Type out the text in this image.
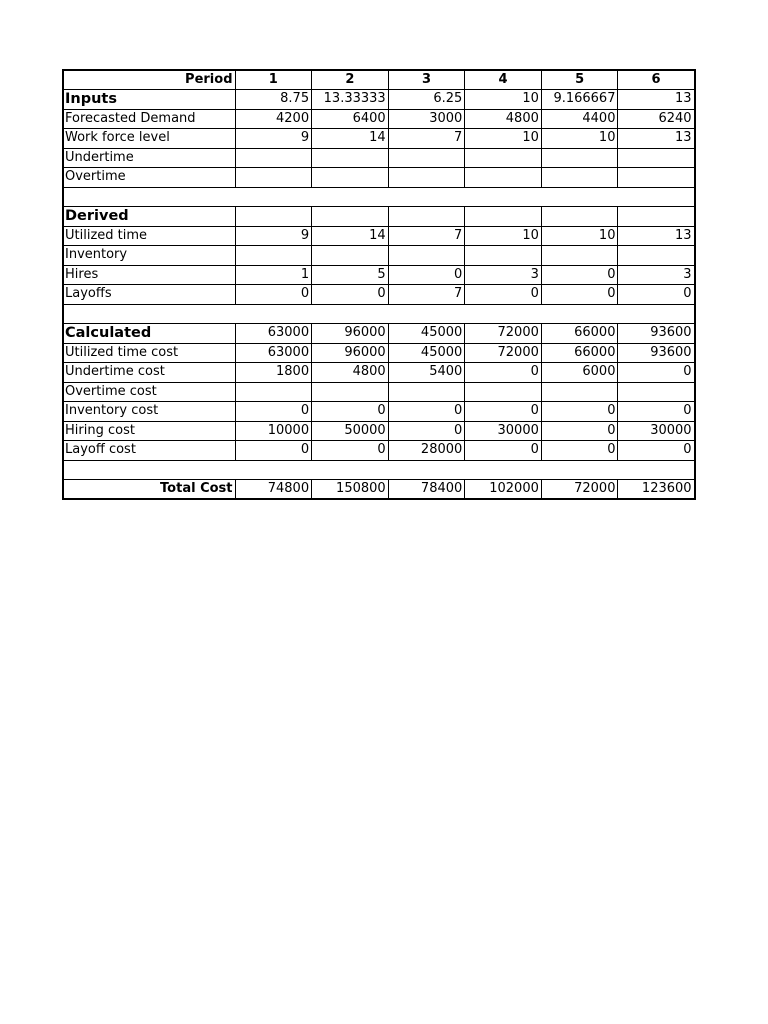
Period	1	2	3	4	5	6
Inputs	8.75	13.33333	6.25	10	9.166667	13
Forecasted Demand	4200	6400	3000	4800	4400	6240
Work force level	9	14	7	10	10	13
Undertime						
Overtime						

Derived						
Utilized time	9	14	7	10	10	13
Inventory						
Hires	1	5	0	3	0	3
Layoffs	0	0	7	0	0	0

Calculated	63000	96000	45000	72000	66000	93600
Utilized time cost	63000	96000	45000	72000	66000	93600
Undertime cost	1800	4800	5400	0	6000	0
Overtime cost						
Inventory cost	0	0	0	0	0	0
Hiring cost	10000	50000	0	30000	0	30000
Layoff cost	0	0	28000	0	0	0

Total Cost	74800	150800	78400	102000	72000	123600
